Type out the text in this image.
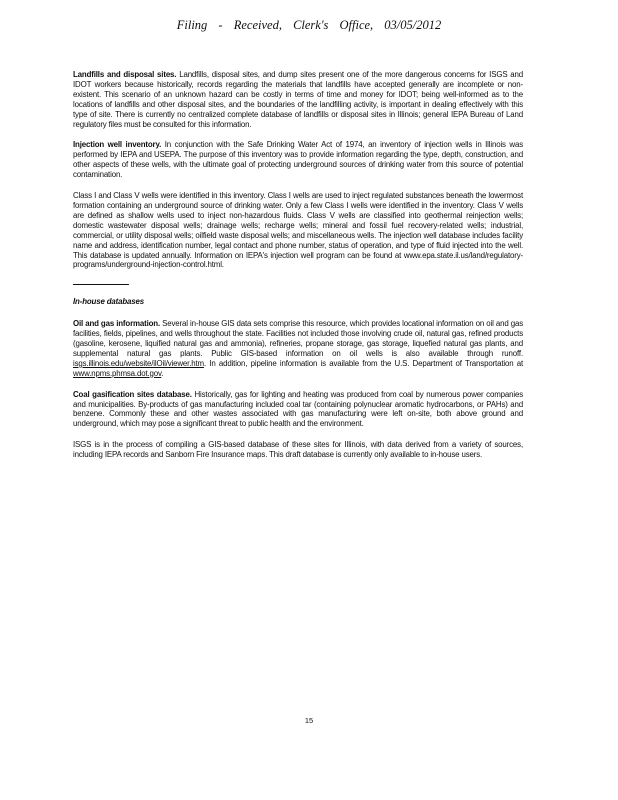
Filing - Received, Clerk's Office, 03/05/2012

Landfills and disposal sites. Landfills, disposal sites, and dump sites present one of the more dangerous concerns for ISGS and IDOT workers because historically, records regarding the materials that landfills have accepted generally are incomplete or non-existent. This scenario of an unknown hazard can be costly in terms of time and money for IDOT; being well-informed as to the locations of landfills and other disposal sites, and the boundaries of the landfilling activity, is important in dealing effectively with this type of site. There is currently no centralized complete database of landfills or disposal sites in Illinois; general IEPA Bureau of Land regulatory files must be consulted for this information.

Injection well inventory. In conjunction with the Safe Drinking Water Act of 1974, an inventory of injection wells in Illinois was performed by IEPA and USEPA. The purpose of this inventory was to provide information regarding the type, depth, construction, and other aspects of these wells, with the ultimate goal of protecting underground sources of drinking water from this source of potential contamination.

Class I and Class V wells were identified in this inventory. Class I wells are used to inject regulated substances beneath the lowermost formation containing an underground source of drinking water. Only a few Class I wells were identified in the inventory. Class V wells are defined as shallow wells used to inject non-hazardous fluids. Class V wells are classified into geothermal reinjection wells; domestic wastewater disposal wells; drainage wells; recharge wells; mineral and fossil fuel recovery-related wells; industrial, commercial, or utility disposal wells; oilfield waste disposal wells; and miscellaneous wells. The injection well database includes facility name and address, identification number, legal contact and phone number, status of operation, and type of fluid injected into the well. This database is updated annually. Information on IEPA's injection well program can be found at www.epa.state.il.us/land/regulatory-programs/underground-injection-control.html.

In-house databases

Oil and gas information. Several in-house GIS data sets comprise this resource, which provides locational information on oil and gas facilities, fields, pipelines, and wells throughout the state. Facilities not included those involving crude oil, natural gas, refined products (gasoline, kerosene, liquified natural gas and ammonia), refineries, propane storage, gas storage, liquefied natural gas plants, and supplemental natural gas plants. Public GIS-based information on oil wells is also available through runoff. isgs.illinois.edu/website/ilOil/viewer.htm. In addition, pipeline information is available from the U.S. Department of Transportation at www.npms.phmsa.dot.gov.

Coal gasification sites database. Historically, gas for lighting and heating was produced from coal by numerous power companies and municipalities. By-products of gas manufacturing included coal tar (containing polynuclear aromatic hydrocarbons, or PAHs) and benzene. Commonly these and other wastes associated with gas manufacturing were left on-site, both above ground and underground, which may pose a significant threat to public health and the environment.

ISGS is in the process of compiling a GIS-based database of these sites for Illinois, with data derived from a variety of sources, including IEPA records and Sanborn Fire Insurance maps. This draft database is currently only available to in-house users.

15
